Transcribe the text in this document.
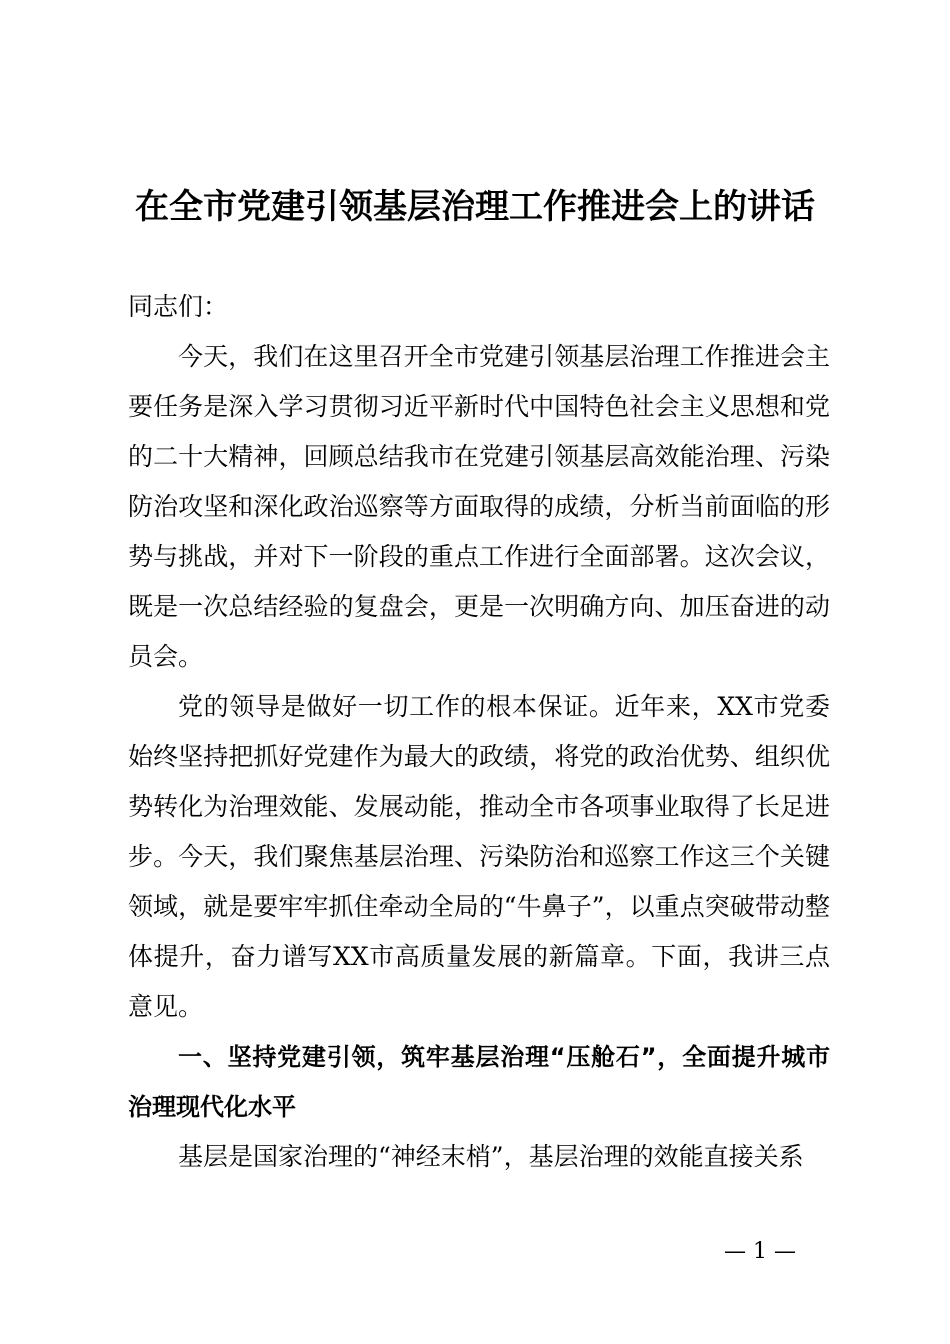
在全市党建引领基层治理工作推进会上的讲话

同志们：

今天，我们在这里召开全市党建引领基层治理工作推进会主要任务是深入学习贯彻习近平新时代中国特色社会主义思想和党的二十大精神，回顾总结我市在党建引领基层高效能治理、污染防治攻坚和深化政治巡察等方面取得的成绩，分析当前面临的形势与挑战，并对下一阶段的重点工作进行全面部署。这次会议，既是一次总结经验的复盘会，更是一次明确方向、加压奋进的动员会。

党的领导是做好一切工作的根本保证。近年来，XX市党委始终坚持把抓好党建作为最大的政绩，将党的政治优势、组织优势转化为治理效能、发展动能，推动全市各项事业取得了长足进步。今天，我们聚焦基层治理、污染防治和巡察工作这三个关键领域，就是要牢牢抓住牵动全局的“牛鼻子”，以重点突破带动整体提升，奋力谱写XX市高质量发展的新篇章。下面，我讲三点意见。

一、坚持党建引领，筑牢基层治理“压舱石”，全面提升城市治理现代化水平

基层是国家治理的“神经末梢”，基层治理的效能直接关系

— 1 —
